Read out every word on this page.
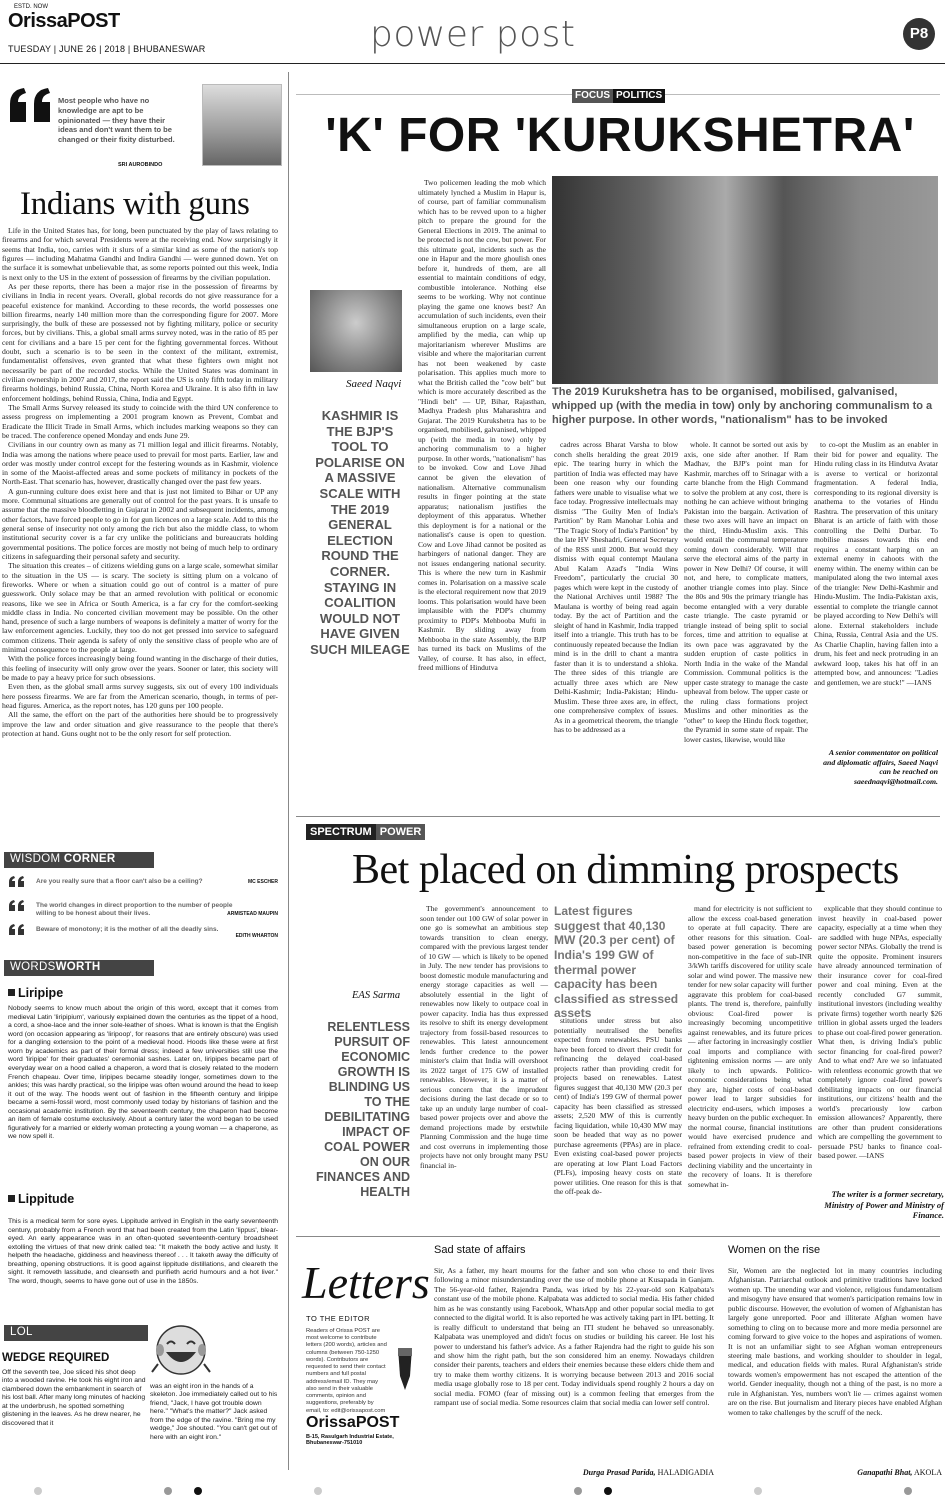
ESTD. NOW
OrissaPOST
TUESDAY | JUNE 26 | 2018 | BHUBANESWAR	power post	P8
Most people who have no knowledge are apt to be opinionated — they have their ideas and don't want them to be changed or their fixity disturbed.
SRI AUROBINDO
Indians with guns

Life in the United States has, for long, been punctuated by the play of laws relating to firearms and for which several Presidents were at the receiving end. Now surprisingly it seems that India, too, carries with it slurs of a similar kind as some of the nation's top figures — including Mahatma Gandhi and Indira Gandhi — were gunned down. Yet on the surface it is somewhat unbelievable that, as some reports pointed out this week, India is next only to the US in the extent of possession of firearms by the civilian population.

As per these reports, there has been a major rise in the possession of firearms by civilians in India in recent years. Overall, global records do not give reassurance for a peaceful existence for mankind. According to these records, the world possesses one billion firearms, nearly 140 million more than the corresponding figure for 2007. More surprisingly, the bulk of these are possessed not by fighting military, police or security forces, but by civilians. This, a global small arms survey noted, was in the ratio of 85 per cent for civilians and a bare 15 per cent for the fighting governmental forces. Without doubt, such a scenario is to be seen in the context of the militant, extremist, fundamentalist offensives, even granted that what these fighters own might not necessarily be part of the recorded stocks. While the United States was dominant in civilian ownership in 2007 and 2017, the report said the US is only fifth today in military firearms holdings, behind Russia, China, North Korea and Ukraine. It is also fifth in law enforcement holdings, behind Russia, China, India and Egypt.

The Small Arms Survey released its study to coincide with the third UN conference to assess progress on implementing a 2001 program known as Prevent, Combat and Eradicate the Illicit Trade in Small Arms, which includes marking weapons so they can be traced. The conference opened Monday and ends June 29.

Civilians in our country own as many as 71 million legal and illicit firearms. Notably, India was among the nations where peace used to prevail for most parts. Earlier, law and order was mostly under control except for the festering wounds as in Kashmir, violence in some of the Maoist-affected areas and some pockets of militancy in pockets of the North-East. That scenario has, however, drastically changed over the past few years.

A gun-running culture does exist here and that is just not limited to Bihar or UP any more. Communal situations are generally out of control for the past years. It is unsafe to assume that the massive bloodletting in Gujarat in 2002 and subsequent incidents, among other factors, have forced people to go in for gun licences on a large scale. Add to this the general sense of insecurity not only among the rich but also the middle class, to whom institutional security cover is a far cry unlike the politicians and bureaucrats holding governmental positions. The police forces are mostly not being of much help to ordinary citizens in safeguarding their personal safety and security.

The situation this creates – of citizens wielding guns on a large scale, somewhat similar to the situation in the US — is scary. The society is sitting plum on a volcano of fireworks. Where or when a situation could go out of control is a matter of pure guesswork. Only solace may be that an armed revolution with political or economic reasons, like we see in Africa or South America, is a far cry for the comfort-seeking middle class in India. No concerted civilian movement may be possible. On the other hand, presence of such a large numbers of weapons is definitely a matter of worry for the law enforcement agencies. Luckily, they too do not get pressed into service to safeguard common citizens. Their agenda is safety of only the sensitive class of people who are of minimal consequence to the people at large.

With the police forces increasingly being found wanting in the discharge of their duties, this feeling of insecurity will only grow over the years. Sooner or later, this society will be made to pay a heavy price for such obsessions.

Even then, as the global small arms survey suggests, six out of every 100 individuals here possess firearms. We are far from the American scenario, though, in terms of per-head figures. America, as the report notes, has 120 guns per 100 people.

All the same, the effort on the part of the authorities here should be to progressively improve the law and order situation and give reassurance to the people that there's protection at hand. Guns ought not to be the only resort for self protection.

WISDOM CORNER
Are you really sure that a floor can't also be a ceiling?	MC ESCHER
The world changes in direct proportion to the number of people willing to be honest about their lives.	ARMISTEAD MAUPIN
Beware of monotony; it is the mother of all the deadly sins.
EDITH WHARTON
WORDSWORTH
Liripipe
Nobody seems to know much about the origin of this word, except that it comes from medieval Latin 'liripipium', variously explained down the centuries as the tippet of a hood, a cord, a shoe-lace and the inner sole-leather of shoes. What is known is that the English word (on occasion appearing as 'liripoop', for reasons that are entirely obscure) was used for a dangling extension to the point of a medieval hood. Hoods like these were at first worn by academics as part of their formal dress; indeed a few universities still use the word 'liripipe' for their graduates' ceremonial sashes. Later on, liripipes became part of everyday wear on a hood called a chaperon, a word that is closely related to the modern French chapeau. Over time, liripipes became steadily longer, sometimes down to the ankles; this was hardly practical, so the liripipe was often wound around the head to keep it out of the way. The hoods went out of fashion in the fifteenth century and liripipe became a semi-fossil word, most commonly used today by historians of fashion and the occasional academic institution. By the seventeenth century, the chaperon had become an item of female costume exclusively. About a century later the word began to be used figuratively for a married or elderly woman protecting a young woman — a chaperone, as we now spell it.
Lippitude
This is a medical term for sore eyes. Lippitude arrived in English in the early seventeenth century, probably from a French word that had been created from the Latin 'lippus', blear-eyed. An early appearance was in an often-quoted seventeenth-century broadsheet extolling the virtues of that new drink called tea: "It maketh the body active and lusty. It helpeth the headache, giddiness and heaviness thereof . . . It taketh away the difficulty of breathing, opening obstructions. It is good against lippitude distillations, and cleareth the sight. It removeth lassitude, and cleanseth and purifieth acrid humours and a hot liver." The word, though, seems to have gone out of use in the 1850s.
LOL
WEDGE REQUIRED
Off the seventh tee, Joe sliced his shot deep into a wooded ravine. He took his eight iron and clambered down the embankment in search of his lost ball. After many long minutes of hacking at the underbrush, he spotted something glistening in the leaves. As he drew nearer, he discovered that it
was an eight iron in the hands of a skeleton. Joe immediately called out to his friend, "Jack, I have got trouble down here." "What's the matter?" Jack asked from the edge of the ravine. "Bring me my wedge," Joe shouted. "You can't get out of here with an eight iron."
FOCUS POLITICS
'K' FOR 'KURUKSHETRA'
Saeed Naqvi
KASHMIR IS THE BJP'S TOOL TO POLARISE ON A MASSIVE SCALE WITH THE 2019 GENERAL ELECTION ROUND THE CORNER. STAYING IN COALITION WOULD NOT HAVE GIVEN SUCH MILEAGE

Two policemen leading the mob which ultimately lynched a Muslim in Hapur is, of course, part of familiar communalism which has to be revved upon to a higher pitch to prepare the ground for the General Elections in 2019. The animal to be protected is not the cow, but power. For this ultimate goal, incidents such as the one in Hapur and the more ghoulish ones before it, hundreds of them, are all essential to maintain conditions of edgy, combustible intolerance. Nothing else seems to be working. Why not continue playing the game one knows best? An accumulation of such incidents, even their simultaneous eruption on a large scale, amplified by the media, can whip up majoritarianism wherever Muslims are visible and where the majoritarian current has not been weakened by caste polarisation. This applies much more to what the British called the "cow belt" but which is more accurately described as the "Hindi belt" — UP, Bihar, Rajasthan, Madhya Pradesh plus Maharashtra and Gujarat. The 2019 Kurukshetra has to be organised, mobilised, galvanised, whipped up (with the media in tow) only by anchoring communalism to a higher purpose. In other words, "nationalism" has to be invoked. Cow and Love Jihad cannot be given the elevation of nationalism. Alternative communalism results in finger pointing at the state apparatus; nationalism justifies the deployment of this apparatus. Whether this deployment is for a national or the nationalist's cause is open to question. Cow and Love Jihad cannot be posited as harbingers of national danger. They are not issues endangering national security. This is where the new turn in Kashmir comes in. Polarisation on a massive scale is the electoral requirement now that 2019 looms. This polarisation would have been implausible with the PDP's chummy proximity to PDP's Mehbooba Mufti in Kashmir. By sliding away from Mehbooba in the state Assembly, the BJP has turned its back on Muslims of the Valley, of course. It has also, in effect, freed millions of Hindutva

The 2019 Kurukshetra has to be organised, mobilised, galvanised, whipped up (with the media in tow) only by anchoring communalism to a higher purpose. In other words, "nationalism" has to be invoked

cadres across Bharat Varsha to blow conch shells heralding the great 2019 epic. The tearing hurry in which the partition of India was effected may have been one reason why our founding fathers were unable to visualise what we face today. Progressive intellectuals may dismiss "The Guilty Men of India's Partition" by Ram Manohar Lohia and "The Tragic Story of India's Partition" by the late HV Sheshadri, General Secretary of the RSS until 2000. But would they dismiss with equal contempt Maulana Abul Kalam Azad's "India Wins Freedom", particularly the crucial 30 pages which were kept in the custody of the National Archives until 1988? The Maulana is worthy of being read again today. By the act of Partition and the sleight of hand in Kashmir, India trapped itself into a triangle. This truth has to be continuously repeated because the Indian mind is in the drill to chant a mantra faster than it is to understand a shloka. The three sides of this triangle are actually three axes which are New Delhi-Kashmir; India-Pakistan; Hindu-Muslim. These three axes are, in effect, one comprehensive complex of issues. As in a geometrical theorem, the triangle has to be addressed as a

whole. It cannot be sorted out axis by axis, one side after another. If Ram Madhav, the BJP's point man for Kashmir, marches off to Srinagar with a carte blanche from the High Command to solve the problem at any cost, there is nothing he can achieve without bringing Pakistan into the bargain. Activation of these two axes will have an impact on the third, Hindu-Muslim axis. This would entail the communal temperature coming down considerably. Will that serve the electoral aims of the party in power in New Delhi? Of course, it will not, and here, to complicate matters, another triangle comes into play. Since the 80s and 90s the primary triangle has become entangled with a very durable caste triangle. The caste pyramid or triangle instead of being split to social forces, time and attrition to equalise at its own pace was aggravated by the sudden eruption of caste politics in North India in the wake of the Mandal Commission. Communal politics is the upper caste strategy to manage the caste upheaval from below. The upper caste or the ruling class formations project Muslims and other minorities as the "other" to keep the Hindu flock together, the Pyramid in some state of repair. The lower castes, likewise, would like

to co-opt the Muslim as an enabler in their bid for power and equality. The Hindu ruling class in its Hindutva Avatar is averse to vertical or horizontal fragmentation. A federal India, corresponding to its regional diversity is anathema to the votaries of Hindu Rashtra. The preservation of this unitary Bharat is an article of faith with those controlling the Delhi Durbar. To mobilise masses towards this end requires a constant harping on an external enemy in cahoots with the enemy within. The enemy within can be manipulated along the two internal axes of the triangle: New Delhi-Kashmir and Hindu-Muslim. The India-Pakistan axis, essential to complete the triangle cannot be played according to New Delhi's will alone. External stakeholders include China, Russia, Central Asia and the US. As Charlie Chaplin, having fallen into a drum, his feet and neck protruding in an awkward loop, takes his hat off in an attempted bow, and announces: "Ladies and gentlemen, we are stuck!" —IANS

A senior commentator on political and diplomatic affairs, Saeed Naqvi can be reached on saeednaqvi@hotmail.com.
SPECTRUM POWER
Bet placed on dimming prospects
EAS Sarma
RELENTLESS PURSUIT OF ECONOMIC GROWTH IS BLINDING US TO THE DEBILITATING IMPACT OF COAL POWER ON OUR FINANCES AND HEALTH

The government's announcement to soon tender out 100 GW of solar power in one go is somewhat an ambitious step towards transition to clean energy, compared with the previous largest tender of 10 GW — which is likely to be opened in July. The new tender has provisions to boost domestic module manufacturing and energy storage capacities as well — absolutely essential in the light of renewables now likely to outpace coal in power capacity. India has thus expressed its resolve to shift its energy development trajectory from fossil-based resources to renewables. This latest announcement lends further credence to the power minister's claim that India will overshoot its 2022 target of 175 GW of installed renewables. However, it is a matter of serious concern that the imprudent decisions during the last decade or so to take up an unduly large number of coal-based power projects over and above the demand projections made by erstwhile Planning Commission and the huge time and cost overruns in implementing those projects have not only brought many PSU financial in-

Latest figures suggest that 40,130 MW (20.3 per cent) of India's 199 GW of thermal power capacity has been classified as stressed assets

stitutions under stress but also potentially neutralised the benefits expected from renewables. PSU banks have been forced to divert their credit for refinancing the delayed coal-based projects rather than providing credit for projects based on renewables. Latest figures suggest that 40,130 MW (20.3 per cent) of India's 199 GW of thermal power capacity has been classified as stressed assets; 2,520 MW of this is currently facing liquidation, while 10,430 MW may soon be headed that way as no power purchase agreements (PPAs) are in place. Even existing coal-based power projects are operating at low Plant Load Factors (PLFs), imposing heavy costs on state power utilities. One reason for this is that the off-peak de-

mand for electricity is not sufficient to allow the excess coal-based generation to operate at full capacity. There are other reasons for this situation. Coal-based power generation is becoming non-competitive in the face of sub-INR 3/kWh tariffs discovered for utility scale solar and wind power. The massive new tender for new solar capacity will further aggravate this problem for coal-based plants. The trend is, therefore, painfully obvious: Coal-fired power is increasingly becoming uncompetitive against renewables, and its future prices — after factoring in increasingly costlier coal imports and compliance with tightening emission norms — are only likely to inch upwards. Politico-economic considerations being what they are, higher costs of coal-based power lead to larger subsidies for electricity end-users, which imposes a heavy burden on the public exchequer. In the normal course, financial institutions would have exercised prudence and refrained from extending credit to coal-based power projects in view of their declining viability and the uncertainty in the recovery of loans. It is therefore somewhat in-

explicable that they should continue to invest heavily in coal-based power capacity, especially at a time when they are saddled with huge NPAs, especially power sector NPAs. Globally the trend is quite the opposite. Prominent insurers have already announced termination of their insurance cover for coal-fired power and coal mining. Even at the recently concluded G7 summit, institutional investors (including wealthy private firms) together worth nearly $26 trillion in global assets urged the leaders to phase out coal-fired power generation. What then, is driving India's public sector financing for coal-fired power? And to what end? Are we so infatuated with relentless economic growth that we completely ignore coal-fired power's debilitating impacts on our financial institutions, our citizens' health and the world's precariously low carbon emission allowances? Apparently, there are other than prudent considerations which are compelling the government to persuade PSU banks to finance coal-based power. —IANS

The writer is a former secretary, Ministry of Power and Ministry of Finance.
Letters
TO THE EDITOR
Readers of Orissa POST are most welcome to contribute letters (200 words), articles and columns (between 750-1250 words). Contributors are requested to send their contact numbers and full postal address/email ID. They may also send in their valuable comments, opinion and suggestions, preferably by email, to: edit@orissapost.com
OrissaPOST
B-15, Rasulgarh Industrial Estate, Bhubaneswar-751010
Sad state of affairs
Sir, As a father, my heart mourns for the father and son who chose to end their lives following a minor misunderstanding over the use of mobile phone at Kusapada in Ganjam. The 56-year-old father, Rajendra Panda, was irked by his 22-year-old son Kalpabata's constant use of the mobile phone. Kalpabata was addicted to social media. His father chided him as he was constantly using Facebook, WhatsApp and other popular social media to get connected to the digital world. It is also reported he was actively taking part in IPL betting. It is really difficult to understand that being an ITI student he behaved so unreasonably. Kalpabata was unemployed and didn't focus on studies or building his career. He lost his power to understand his father's advice. As a father Rajendra had the right to guide his son and show him the right path, but the son considered him an enemy. Nowadays children consider their parents, teachers and elders their enemies because these elders chide them and try to make them worthy citizens. It is worrying because between 2013 and 2016 social media usage globally rose to 18 per cent. Today individuals spend roughly 2 hours a day on social media. FOMO (fear of missing out) is a common feeling that emerges from the rampant use of social media. Some resources claim that social media can lower self control.
Durga Prasad Parida, HALADIGADIA
Women on the rise
Sir, Women are the neglected lot in many countries including Afghanistan. Patriarchal outlook and primitive traditions have locked women up. The unending war and violence, religious fundamentalism and misogyny have ensured that women's participation remains low in public discourse. However, the evolution of women of Afghanistan has largely gone unreported. Poor and illiterate Afghan women have something to cling on to because more and more media personnel are coming forward to give voice to the hopes and aspirations of women. It is not an unfamiliar sight to see Afghan woman entrepreneurs steering male bastions, and working shoulder to shoulder in legal, medical, and education fields with males. Rural Afghanistan's stride towards women's empowerment has not escaped the attention of the world. Gender inequality, though not a thing of the past, is no more a rule in Afghanistan. Yes, numbers won't lie — crimes against women are on the rise. But journalism and literary pieces have enabled Afghan women to take challenges by the scruff of the neck.
Ganapathi Bhat, AKOLA
